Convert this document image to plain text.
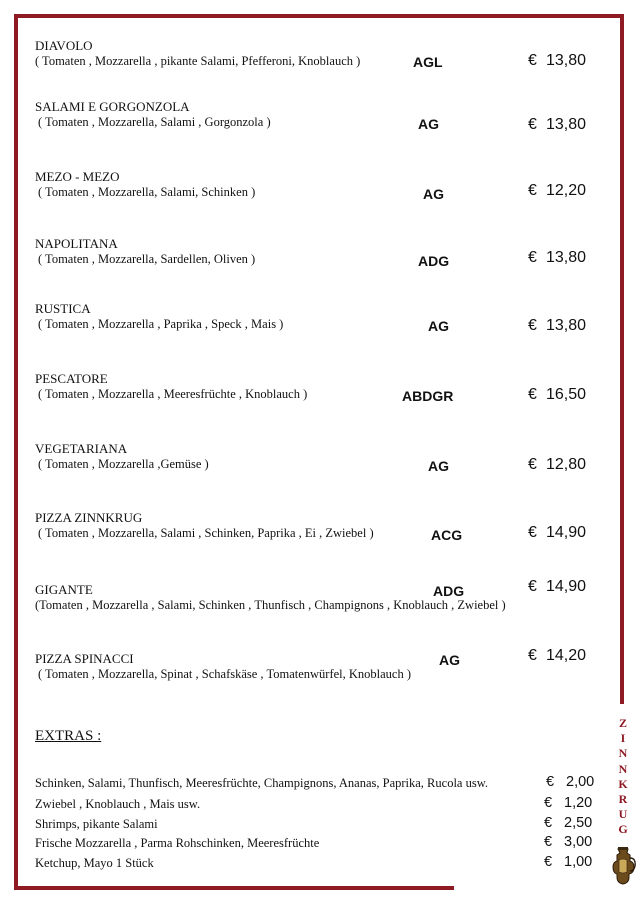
DIAVOLO
( Tomaten , Mozzarella , pikante Salami, Pfefferoni, Knoblauch )	AGL	€ 13,80
SALAMI E GORGONZOLA
( Tomaten , Mozzarella, Salami , Gorgonzola )	AG	€ 13,80
MEZO - MEZO
( Tomaten , Mozzarella, Salami, Schinken )	AG	€ 12,20
NAPOLITANA
( Tomaten , Mozzarella, Sardellen, Oliven )	ADG	€ 13,80
RUSTICA
( Tomaten , Mozzarella , Paprika , Speck , Mais )	AG	€ 13,80
PESCATORE
( Tomaten , Mozzarella , Meeresfrüchte , Knoblauch )	ABDGR	€ 16,50
VEGETARIANA
( Tomaten , Mozzarella ,Gemüse )	AG	€ 12,80
PIZZA ZINNKRUG
( Tomaten , Mozzarella, Salami , Schinken, Paprika , Ei , Zwiebel )	ACG	€ 14,90
GIGANTE
(Tomaten , Mozzarella , Salami, Schinken , Thunfisch , Champignons , Knoblauch , Zwiebel )
ADG	€ 14,90
PIZZA SPINACCI
( Tomaten , Mozzarella, Spinat , Schafskäse , Tomatenwürfel, Knoblauch )
AG	€ 14,20
EXTRAS :
Schinken, Salami, Thunfisch, Meeresfrüchte, Champignons, Ananas, Paprika, Rucola usw.	€ 2,00
Zwiebel , Knoblauch , Mais usw.	€ 1,20
Shrimps, pikante Salami	€ 2,50
Frische Mozzarella , Parma Rohschinken, Meeresfrüchte	€ 3,00
Ketchup, Mayo 1 Stück	€ 1,00
Z
I
N
N
K
R
U
G
